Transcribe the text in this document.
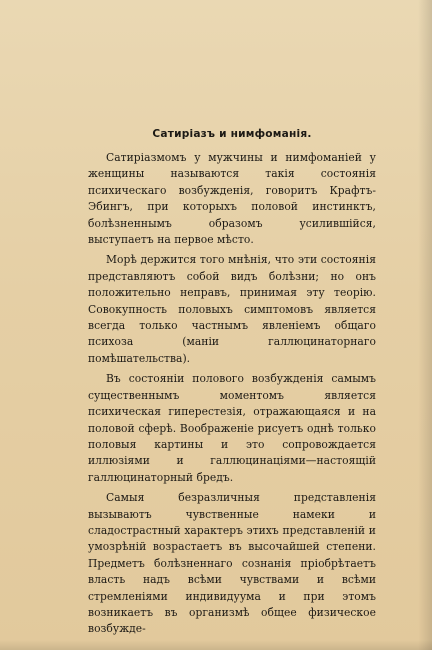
Сатиріазъ и нимфоманія.

Сатиріазмомъ у мужчины и нимфоманіей у женщины называются такія состоянія психическаго возбужденія, говоритъ Крафтъ-Эбингъ, при которыхъ половой инстинктъ, болѣзненнымъ образомъ усилившійся, выступаетъ на первое мѣсто.

Морѣ держится того мнѣнія, что эти состоянія представляютъ собой видъ болѣзни; но онъ положительно неправъ, принимая эту теорію. Совокупность половыхъ симптомовъ является всегда только частнымъ явленіемъ общаго психоза (маніи галлюцинаторнаго помѣшательства).

Въ состояніи полового возбужденія самымъ существеннымъ моментомъ является психическая гиперестезія, отражающаяся и на половой сферѣ. Воображеніе рисуетъ однѣ только половыя картины и это сопровождается иллюзіями и галлюцинаціями—настоящій галлюцинаторный бредъ.

Самыя безразличныя представленія вызываютъ чувственные намеки и сладострастный характеръ этихъ представленій и умозрѣній возрастаетъ въ высочайшей степени. Предметъ болѣзненнаго сознанія пріобрѣтаетъ власть надъ всѣми чувствами и всѣми стремленіями индивидуума и при этомъ возникаетъ въ организмѣ общее физическое возбужде-
